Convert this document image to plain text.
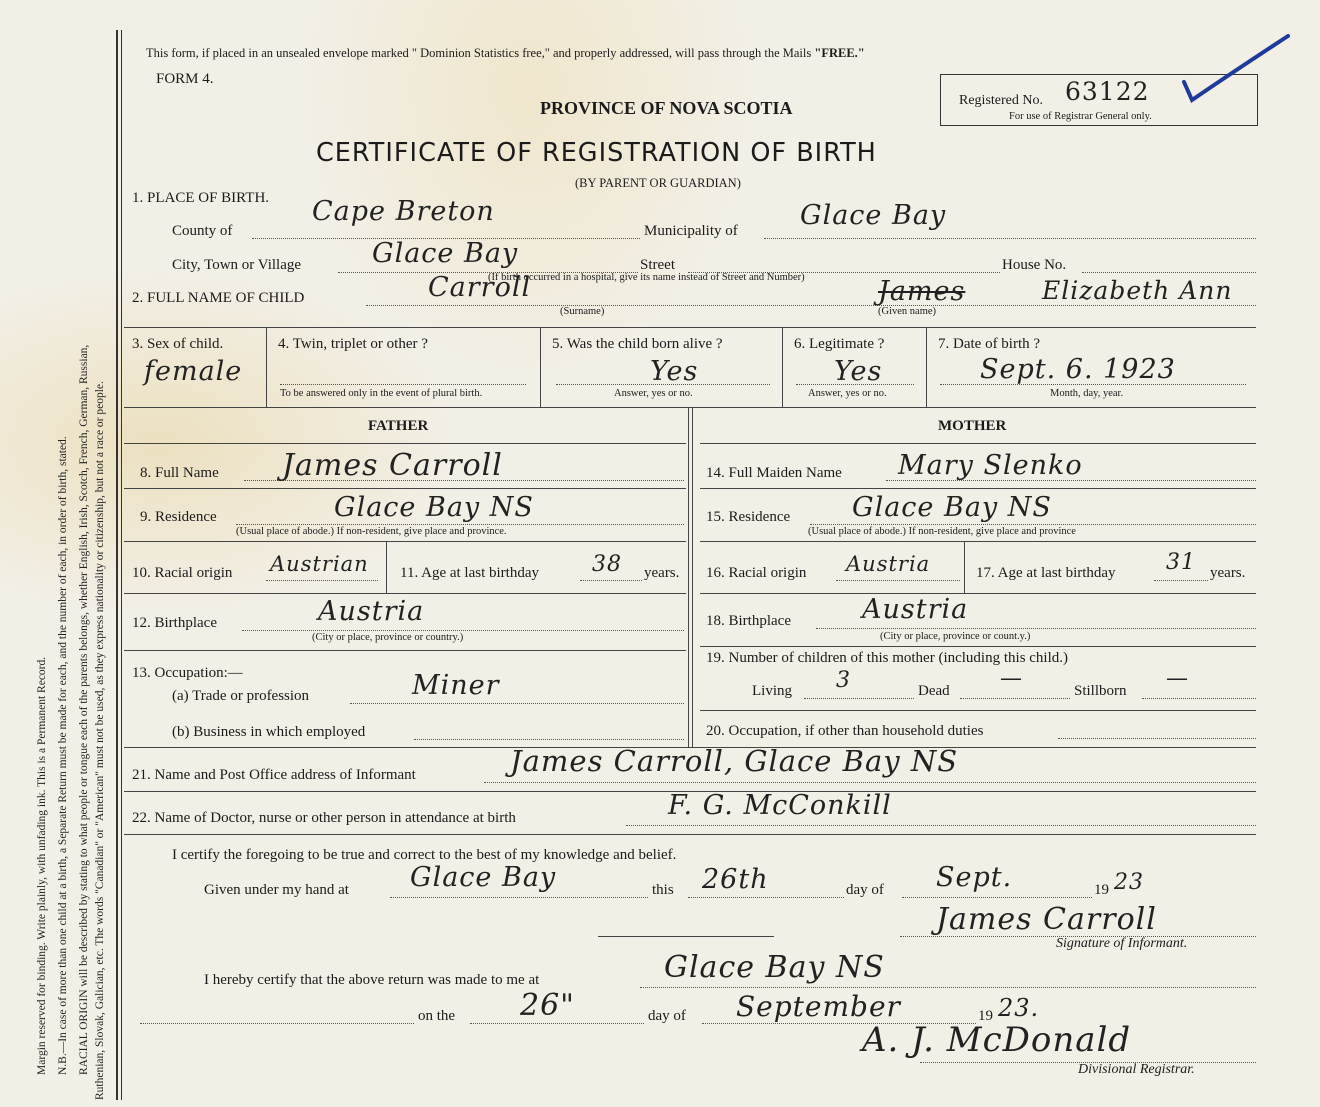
Margin reserved for binding. Write plainly, with unfading ink. This is a Permanent Record. N.B.—In case of more than one child at a birth, a Separate Return must be made for each, and the number of each, in order of birth, stated. RACIAL ORIGIN will be described by stating to what people or tongue each of the parents belongs, whether English, Irish, Scotch, French, German, Russian, Ruthenian, Slovak, Galician, etc. The words "Canadian" or "American" must not be used, as they express nationality or citizenship, but not a race or people.
This form, if placed in an unsealed envelope marked " Dominion Statistics free," and properly addressed, will pass through the Mails "FREE."
FORM 4.
PROVINCE OF NOVA SCOTIA
CERTIFICATE OF REGISTRATION OF BIRTH
(BY PARENT OR GUARDIAN)
Registered No. 63122
For use of Registrar General only.
1. PLACE OF BIRTH.
County of
Cape Breton
Municipality of Glace Bay
City, Town or Village	Glace Bay	Street	House No.
(If birth occurred in a hospital, give its name instead of Street and Number)
2. FULL NAME OF CHILD	Carroll
(Surname)
James	Elizabeth Ann
(Given name)
3. Sex of child.
female
4. Twin, triplet or other ?
To be answered only in the event of plural birth.
5. Was the child born alive ?
Yes
Answer, yes or no.
6. Legitimate ?
Yes
Answer, yes or no.
7. Date of birth ?
Sept. 6. 1923
Month, day, year.
FATHER	MOTHER
8. Full Name James Carroll
9. Residence	Glace Bay NS
(Usual place of abode.) If non-resident, give place and province.
10. Racial origin Austrian 11. Age at last birthday 38 years.
12. Birthplace	Austria
(City or place, province or country.)
13. Occupation:—
(a) Trade or profession	Miner
(b) Business in which employed
14. Full Maiden Name Mary Slenko
15. Residence Glace Bay NS
(Usual place of abode.) If non-resident, give place and province
16. Racial origin Austria	17. Age at last birthday 31 years.
18. Birthplace	Austria
(City or place, province or count.y.)
19. Number of children of this mother (including this child.)
Living 3	Dead —	Stillborn —
20. Occupation, if other than household duties
21. Name and Post Office address of Informant	James Carroll, Glace Bay NS
22. Name of Doctor, nurse or other person in attendance at birth	F. G. McConkill
I certify the foregoing to be true and correct to the best of my knowledge and belief.
Given under my hand at Glace Bay	this 26th	day of Sept.	19 23
James Carroll
Signature of Informant.
I hereby certify that the above return was made to me at	Glace Bay NS
on the 26"	day of September	19 23.
A. J. McDonald
Divisional Registrar.
